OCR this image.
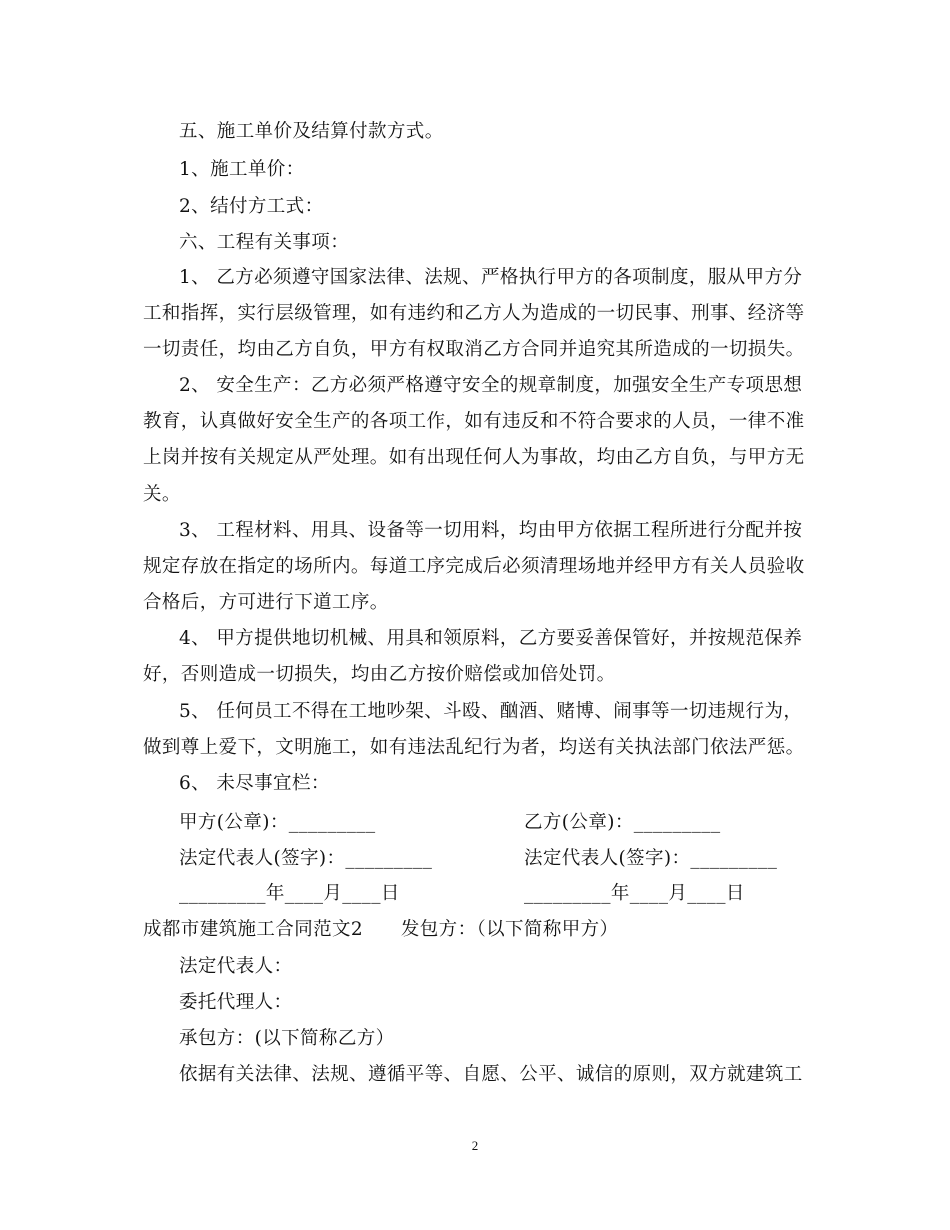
五、施工单价及结算付款方式。
1、施工单价：
2、结付方工式：
六、工程有关事项：
1、 乙方必须遵守国家法律、法规、严格执行甲方的各项制度，服从甲方分
工和指挥，实行层级管理，如有违约和乙方人为造成的一切民事、刑事、经济等
一切责任，均由乙方自负，甲方有权取消乙方合同并追究其所造成的一切损失。
2、 安全生产：乙方必须严格遵守安全的规章制度，加强安全生产专项思想
教育，认真做好安全生产的各项工作，如有违反和不符合要求的人员，一律不准
上岗并按有关规定从严处理。如有出现任何人为事故，均由乙方自负，与甲方无
关。
3、 工程材料、用具、设备等一切用料，均由甲方依据工程所进行分配并按
规定存放在指定的场所内。每道工序完成后必须清理场地并经甲方有关人员验收
合格后，方可进行下道工序。
4、 甲方提供地切机械、用具和领原料，乙方要妥善保管好，并按规范保养
好，否则造成一切损失，均由乙方按价赔偿或加倍处罚。
5、 任何员工不得在工地吵架、斗殴、酗酒、赌博、闹事等一切违规行为，
做到尊上爱下，文明施工，如有违法乱纪行为者，均送有关执法部门依法严惩。
6、 未尽事宜栏：
甲方(公章)：_________	乙方(公章)：_________
法定代表人(签字)：_________	法定代表人(签字)：_________
_________年____月____日	_________年____月____日
成都市建筑施工合同范文2　　发包方：（以下简称甲方）
法定代表人：
委托代理人：
承包方：(以下简称乙方）
依据有关法律、法规、遵循平等、自愿、公平、诚信的原则，双方就建筑工
2
